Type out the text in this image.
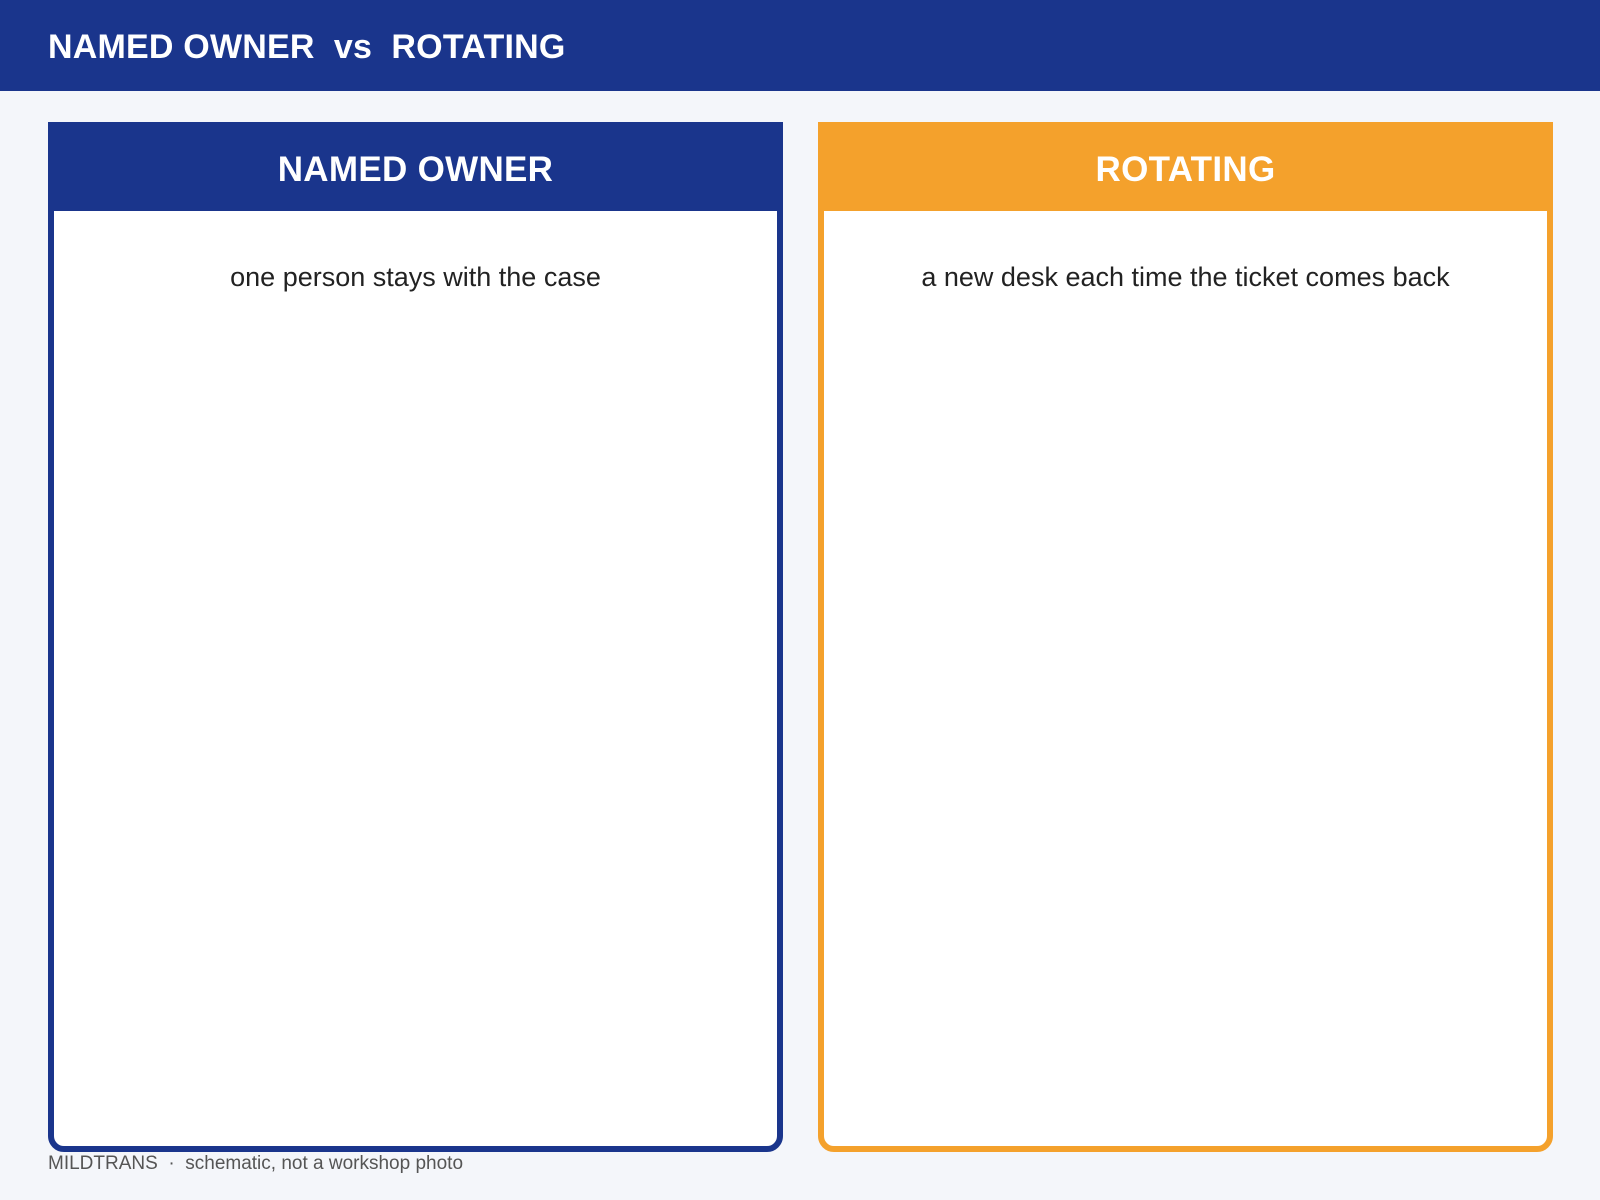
NAMED OWNER  vs  ROTATING
NAMED OWNER
one person stays with the case
ROTATING
a new desk each time the ticket comes back
MILDTRANS · schematic, not a workshop photo
